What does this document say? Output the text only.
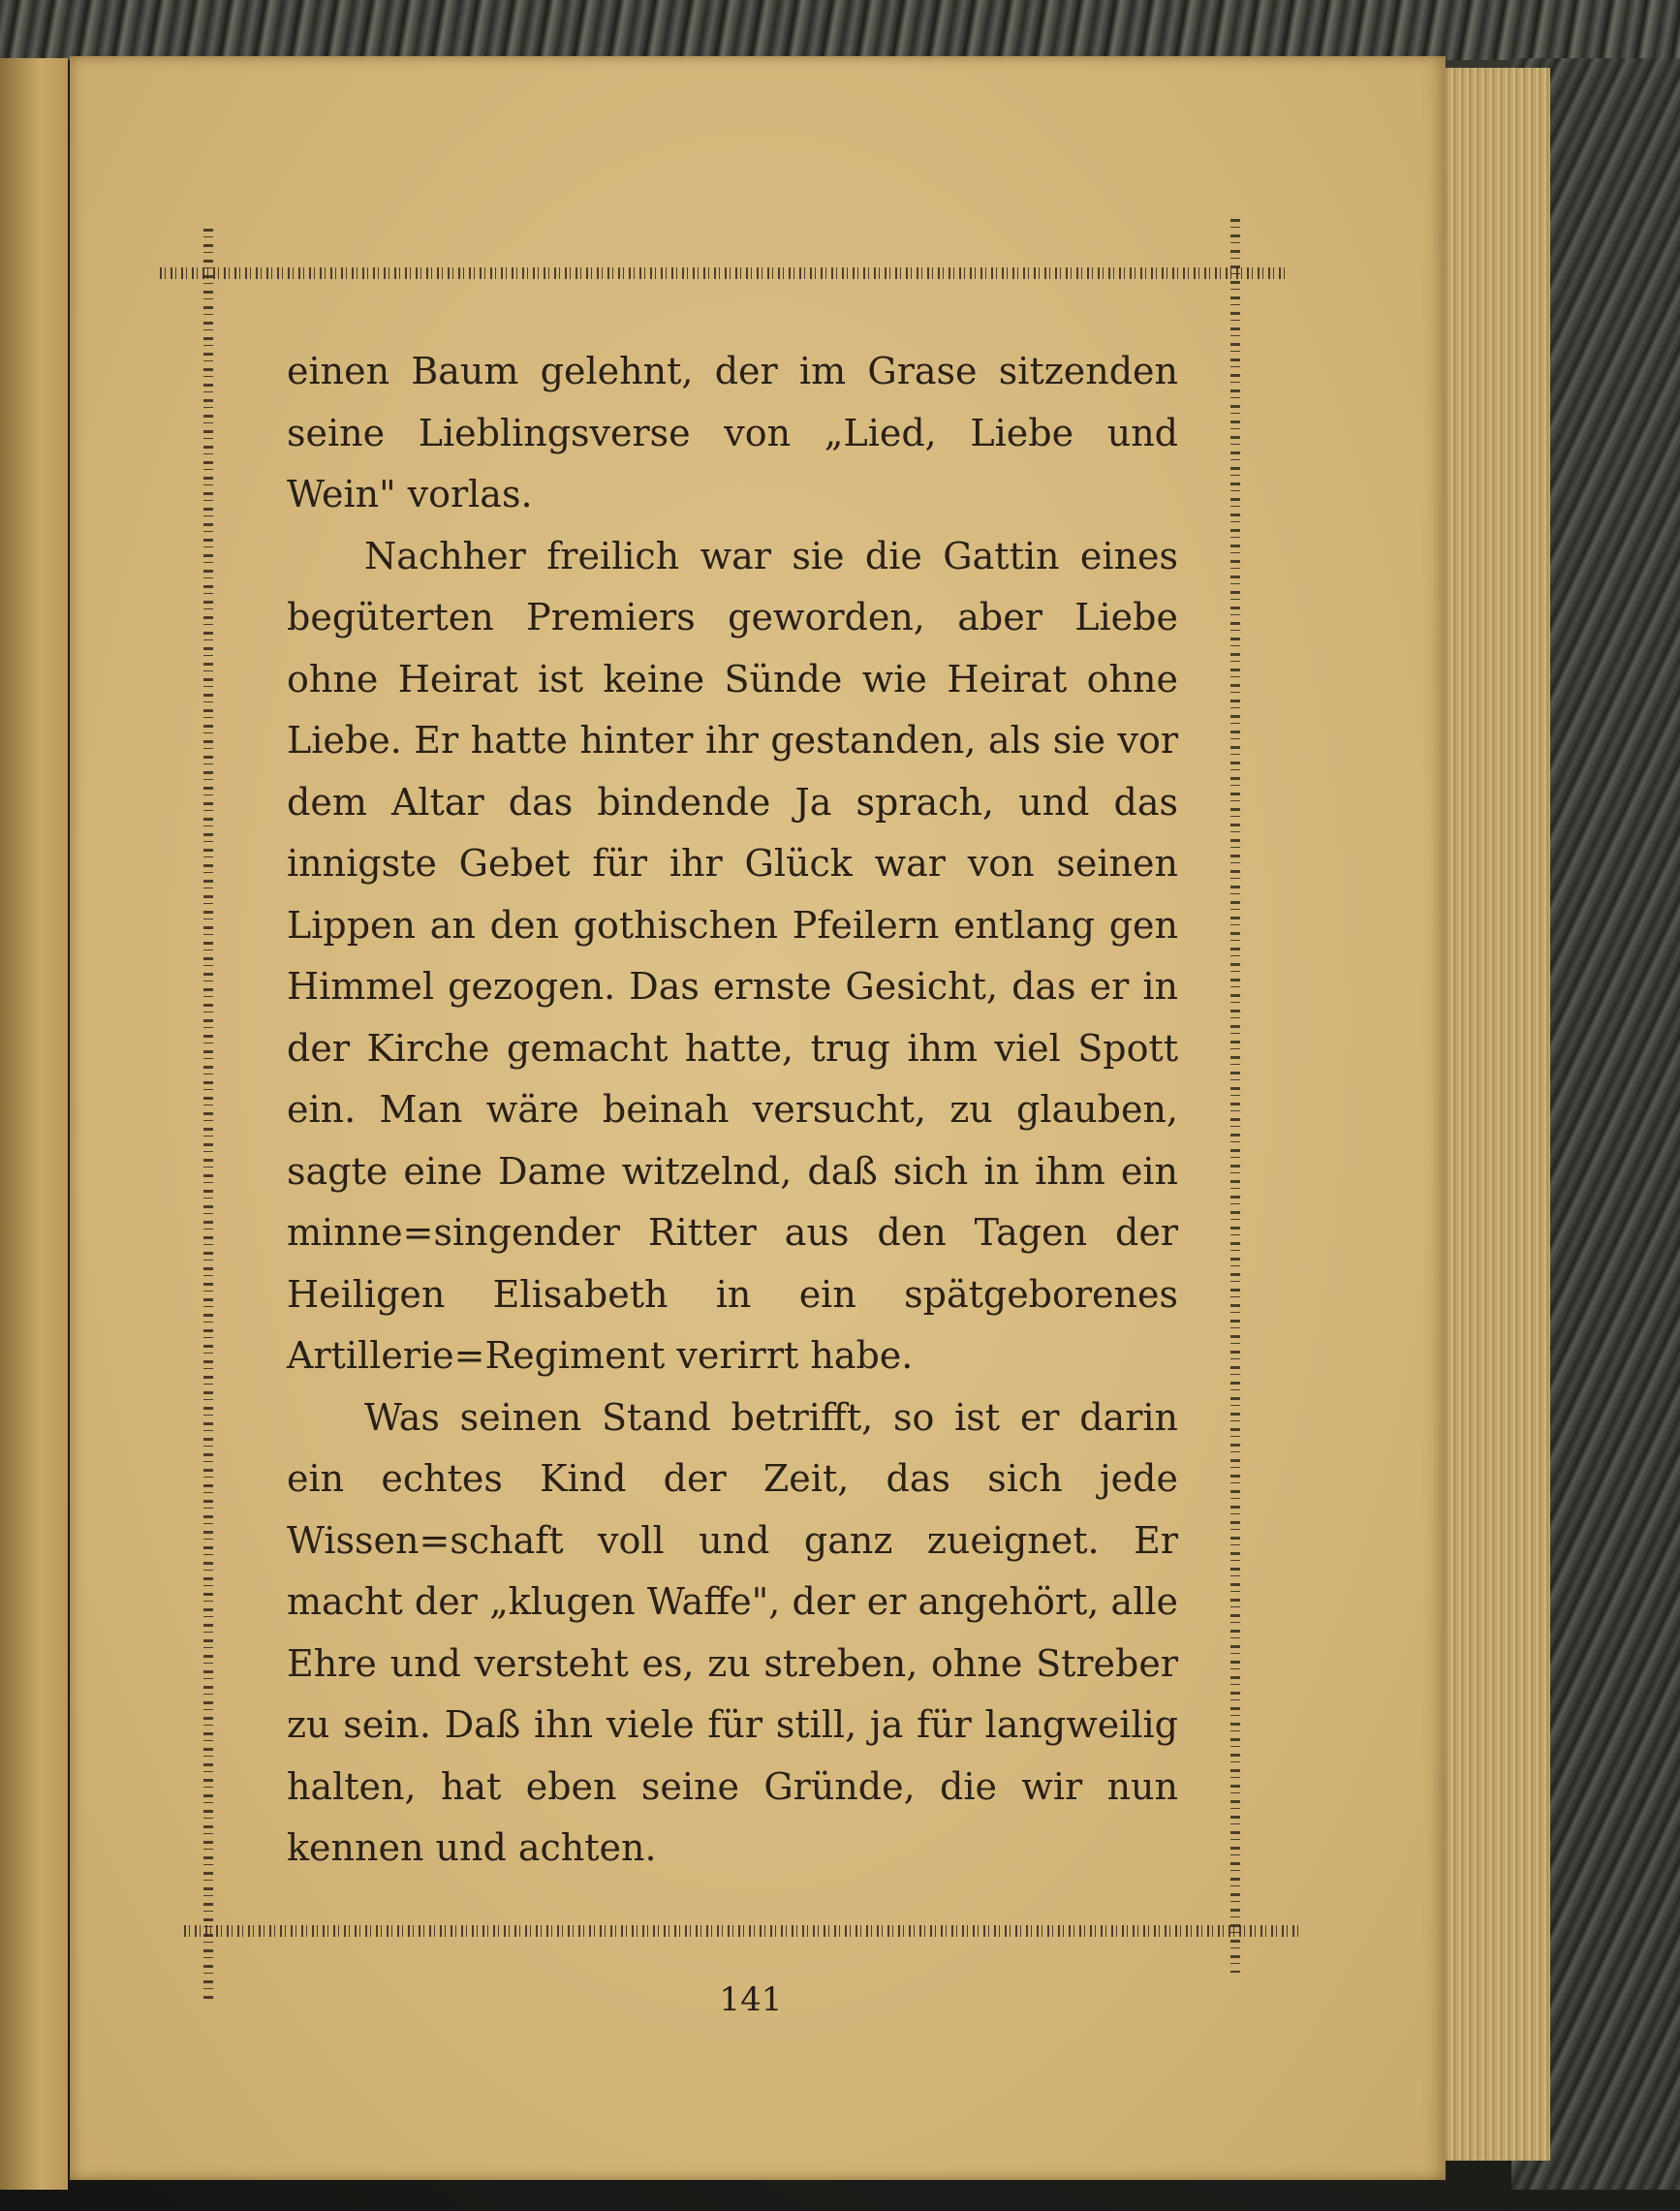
einen Baum gelehnt, der im Grase sitzenden seine Lieblingsverse von „Lied, Liebe und Wein" vorlas.

Nachher freilich war sie die Gattin eines begüterten Premiers geworden, aber Liebe ohne Heirat ist keine Sünde wie Heirat ohne Liebe. Er hatte hinter ihr gestanden, als sie vor dem Altar das bindende Ja sprach, und das innigste Gebet für ihr Glück war von seinen Lippen an den gothischen Pfeilern entlang gen Himmel gezogen. Das ernste Gesicht, das er in der Kirche gemacht hatte, trug ihm viel Spott ein. Man wäre beinah versucht, zu glauben, sagte eine Dame witzelnd, daß sich in ihm ein minne=singender Ritter aus den Tagen der Heiligen Elisabeth in ein spätgeborenes Artillerie=Regiment verirrt habe.

Was seinen Stand betrifft, so ist er darin ein echtes Kind der Zeit, das sich jede Wissen=schaft voll und ganz zueignet. Er macht der „klugen Waffe", der er angehört, alle Ehre und versteht es, zu streben, ohne Streber zu sein. Daß ihn viele für still, ja für langweilig halten, hat eben seine Gründe, die wir nun kennen und achten.

141
